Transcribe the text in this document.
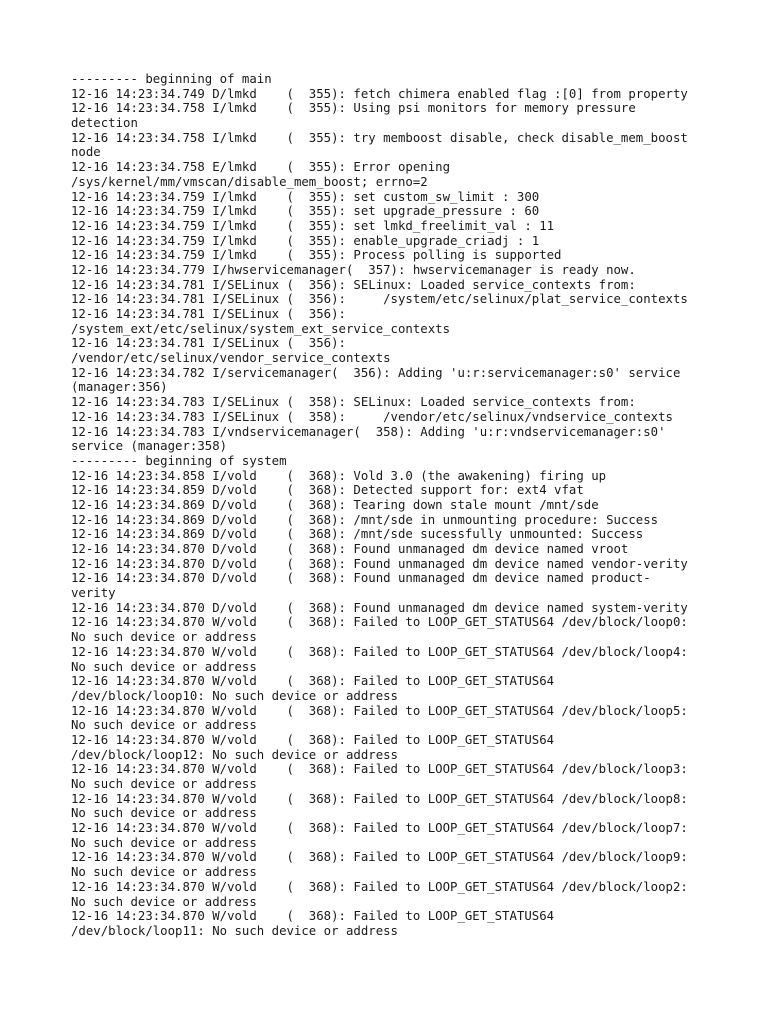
--------- beginning of main
12-16 14:23:34.749 D/lmkd    (  355): fetch chimera enabled flag :[0] from property
12-16 14:23:34.758 I/lmkd    (  355): Using psi monitors for memory pressure
detection
12-16 14:23:34.758 I/lmkd    (  355): try memboost disable, check disable_mem_boost
node
12-16 14:23:34.758 E/lmkd    (  355): Error opening
/sys/kernel/mm/vmscan/disable_mem_boost; errno=2
12-16 14:23:34.759 I/lmkd    (  355): set custom_sw_limit : 300
12-16 14:23:34.759 I/lmkd    (  355): set upgrade_pressure : 60
12-16 14:23:34.759 I/lmkd    (  355): set lmkd_freelimit_val : 11
12-16 14:23:34.759 I/lmkd    (  355): enable_upgrade_criadj : 1
12-16 14:23:34.759 I/lmkd    (  355): Process polling is supported
12-16 14:23:34.779 I/hwservicemanager(  357): hwservicemanager is ready now.
12-16 14:23:34.781 I/SELinux (  356): SELinux: Loaded service_contexts from:
12-16 14:23:34.781 I/SELinux (  356):     /system/etc/selinux/plat_service_contexts
12-16 14:23:34.781 I/SELinux (  356):
/system_ext/etc/selinux/system_ext_service_contexts
12-16 14:23:34.781 I/SELinux (  356):
/vendor/etc/selinux/vendor_service_contexts
12-16 14:23:34.782 I/servicemanager(  356): Adding 'u:r:servicemanager:s0' service
(manager:356)
12-16 14:23:34.783 I/SELinux (  358): SELinux: Loaded service_contexts from:
12-16 14:23:34.783 I/SELinux (  358):     /vendor/etc/selinux/vndservice_contexts
12-16 14:23:34.783 I/vndservicemanager(  358): Adding 'u:r:vndservicemanager:s0'
service (manager:358)
--------- beginning of system
12-16 14:23:34.858 I/vold    (  368): Vold 3.0 (the awakening) firing up
12-16 14:23:34.859 D/vold    (  368): Detected support for: ext4 vfat
12-16 14:23:34.869 D/vold    (  368): Tearing down stale mount /mnt/sde
12-16 14:23:34.869 D/vold    (  368): /mnt/sde in unmounting procedure: Success
12-16 14:23:34.869 D/vold    (  368): /mnt/sde sucessfully unmounted: Success
12-16 14:23:34.870 D/vold    (  368): Found unmanaged dm device named vroot
12-16 14:23:34.870 D/vold    (  368): Found unmanaged dm device named vendor-verity
12-16 14:23:34.870 D/vold    (  368): Found unmanaged dm device named product-
verity
12-16 14:23:34.870 D/vold    (  368): Found unmanaged dm device named system-verity
12-16 14:23:34.870 W/vold    (  368): Failed to LOOP_GET_STATUS64 /dev/block/loop0:
No such device or address
12-16 14:23:34.870 W/vold    (  368): Failed to LOOP_GET_STATUS64 /dev/block/loop4:
No such device or address
12-16 14:23:34.870 W/vold    (  368): Failed to LOOP_GET_STATUS64
/dev/block/loop10: No such device or address
12-16 14:23:34.870 W/vold    (  368): Failed to LOOP_GET_STATUS64 /dev/block/loop5:
No such device or address
12-16 14:23:34.870 W/vold    (  368): Failed to LOOP_GET_STATUS64
/dev/block/loop12: No such device or address
12-16 14:23:34.870 W/vold    (  368): Failed to LOOP_GET_STATUS64 /dev/block/loop3:
No such device or address
12-16 14:23:34.870 W/vold    (  368): Failed to LOOP_GET_STATUS64 /dev/block/loop8:
No such device or address
12-16 14:23:34.870 W/vold    (  368): Failed to LOOP_GET_STATUS64 /dev/block/loop7:
No such device or address
12-16 14:23:34.870 W/vold    (  368): Failed to LOOP_GET_STATUS64 /dev/block/loop9:
No such device or address
12-16 14:23:34.870 W/vold    (  368): Failed to LOOP_GET_STATUS64 /dev/block/loop2:
No such device or address
12-16 14:23:34.870 W/vold    (  368): Failed to LOOP_GET_STATUS64
/dev/block/loop11: No such device or address
